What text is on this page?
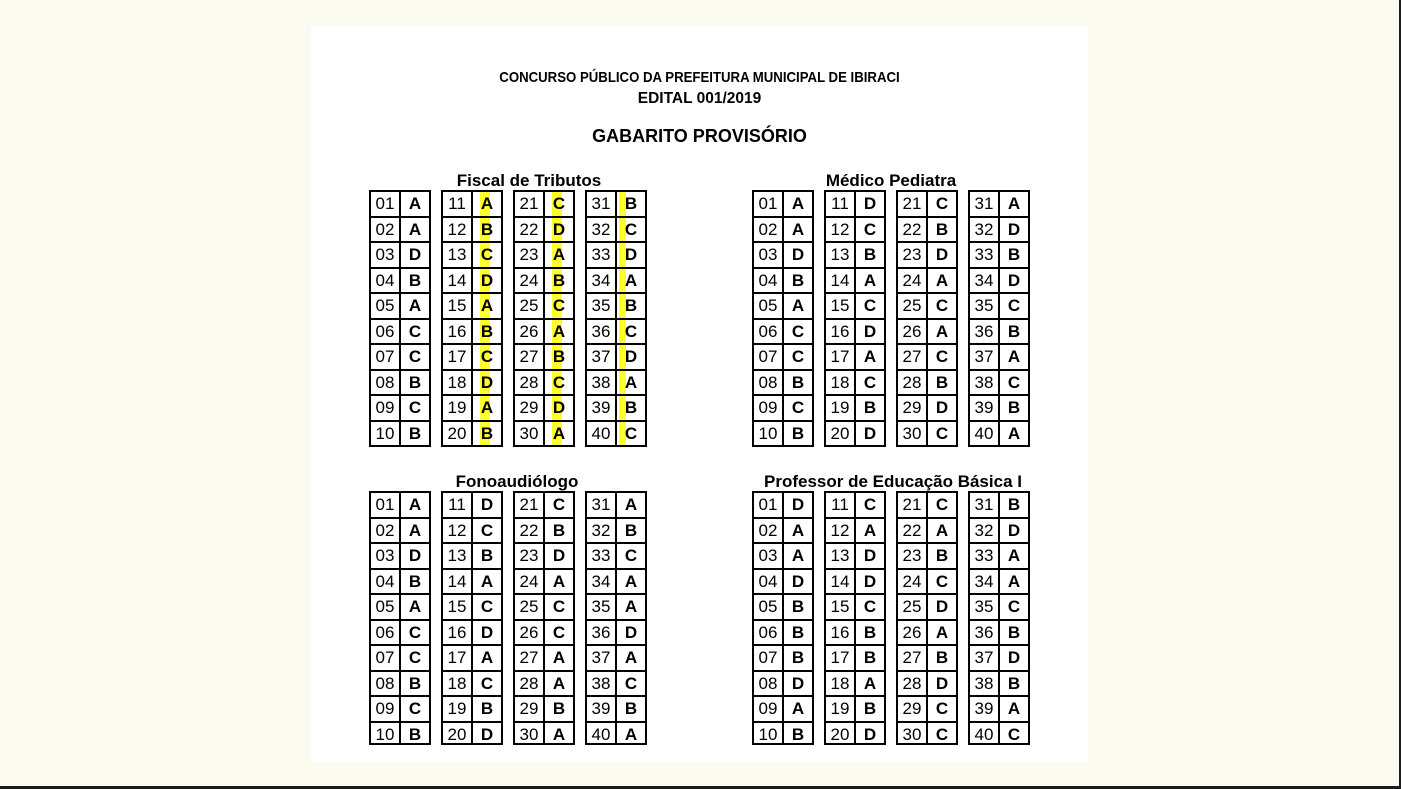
CONCURSO PÚBLICO DA PREFEITURA MUNICIPAL DE IBIRACI
EDITAL 001/2019
GABARITO PROVISÓRIO
Fiscal de Tributos
01 A
02 A
03 D
04 B
05 A
06 C
07 C
08 B
09 C
10 B
11 A
12 B
13 C
14 D
15 A
16 B
17 C
18 D
19 A
20 B
21 C
22 D
23 A
24 B
25 C
26 A
27 B
28 C
29 D
30 A
31 B
32 C
33 D
34 A
35 B
36 C
37 D
38 A
39 B
40 C
Médico Pediatra
01 A
02 A
03 D
04 B
05 A
06 C
07 C
08 B
09 C
10 B
11 D
12 C
13 B
14 A
15 C
16 D
17 A
18 C
19 B
20 D
21 C
22 B
23 D
24 A
25 C
26 A
27 C
28 B
29 D
30 C
31 A
32 D
33 B
34 D
35 C
36 B
37 A
38 C
39 B
40 A
Fonoaudiólogo
01 A
02 A
03 D
04 B
05 A
06 C
07 C
08 B
09 C
10 B
11 D
12 C
13 B
14 A
15 C
16 D
17 A
18 C
19 B
20 D
21 C
22 B
23 D
24 A
25 C
26 C
27 A
28 A
29 B
30 A
31 A
32 B
33 C
34 A
35 A
36 D
37 A
38 C
39 B
40 A
Professor de Educação Básica I
01 D
02 A
03 A
04 D
05 B
06 B
07 B
08 D
09 A
10 B
11 C
12 A
13 D
14 D
15 C
16 B
17 B
18 A
19 B
20 D
21 C
22 A
23 B
24 C
25 D
26 A
27 B
28 D
29 C
30 C
31 B
32 D
33 A
34 A
35 C
36 B
37 D
38 B
39 A
40 C
